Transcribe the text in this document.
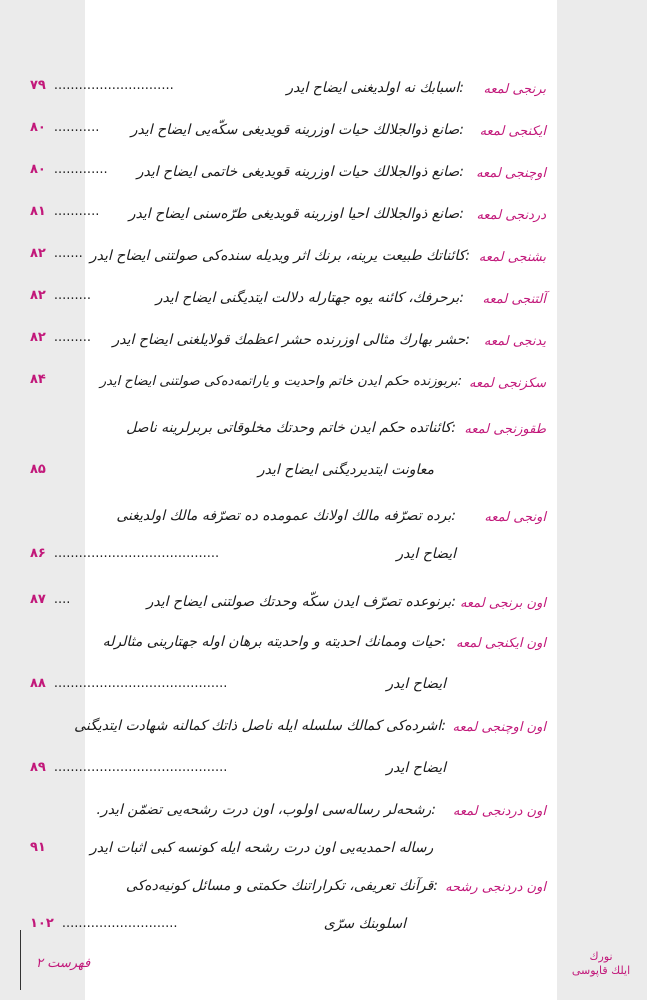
برنجی لمعه
:اسبابك نه اولدیغنی ایضاح ایدر
۷۹ .............................
ایكنجی لمعه
:صانع ذوالجلالك حیات اوزرینه قویدیغی سكّه‌یی ایضاح ایدر
۸۰ ...........
اوچنجی لمعه
:صانع ذوالجلالك حیات اوزرینه قویدیغی خاتمی ایضاح ایدر
۸۰ .............
دردنجی لمعه
:صانع ذوالجلالك احیا اوزرینه قویدیغی طرّه‌سنی ایضاح ایدر
۸۱ ...........
بشنجی لمعه
:كائناتك طبیعت یرینه، برنك اثر ویدیله سنده‌كی صولتنی ایضاح ایدر
۸۲ .......
آلتنجی لمعه
:برحرفك، كائنه یوه جهتارله دلالت ایتدیگنی ایضاح ایدر
۸۲ .........
یدنجی لمعه
:حشر بهارك مثالی اوزرنده حشر اعظمك قولایلغنی ایضاح ایدر
۸۲ .........
سكزنجی لمعه
:بربوزنده حكم ایدن خاتم واحدیت و یاراتمه‌ده‌كی صولتنی ایضاح ایدر
۸۴
طقوزنجی لمعه
:كائناتده حكم ایدن خاتم وحدتك مخلوقاتی بربرلرینه ناصل
معاونت ایتدیردیگنی ایضاح ایدر
۸۵
اونجی لمعه
:برده تصرّفه مالك اولانك عمومده ده تصرّفه مالك اولدیغنی
ایضاح ایدر
۸۶ ........................................
اون برنجی لمعه
:برنوعده تصرّف ایدن سكّه وحدتك صولتنی ایضاح ایدر
۸۷ ....
اون ایكنجی لمعه
:حیات وممانك احدیته و واحدیته برهان اوله جهتارینی مثالرله
ایضاح ایدر
۸۸ ..........................................
اون اوچنجی لمعه
:اشرده‌كی كمالك سلسله ایله ناصل ذاتك كمالنه شهادت ایتدیگنی
ایضاح ایدر
۸۹ ..........................................
اون دردنجی لمعه
:رشحه‌لر رساله‌سی اولوب، اون درت رشحه‌یی تضمّن ایدر.
رساله احمدیه‌یی اون درت رشحه ایله كونسه كبی اثبات ایدر
۹۱
اون دردنجی رشحه
:قرآنك تعریفی، تكراراتنك حكمتی و مسائل كونیه‌ده‌كی
اسلوبنك سرّی
۱۰۲ ............................
فهرست ۲	نورك
ایلك قاپوسی
